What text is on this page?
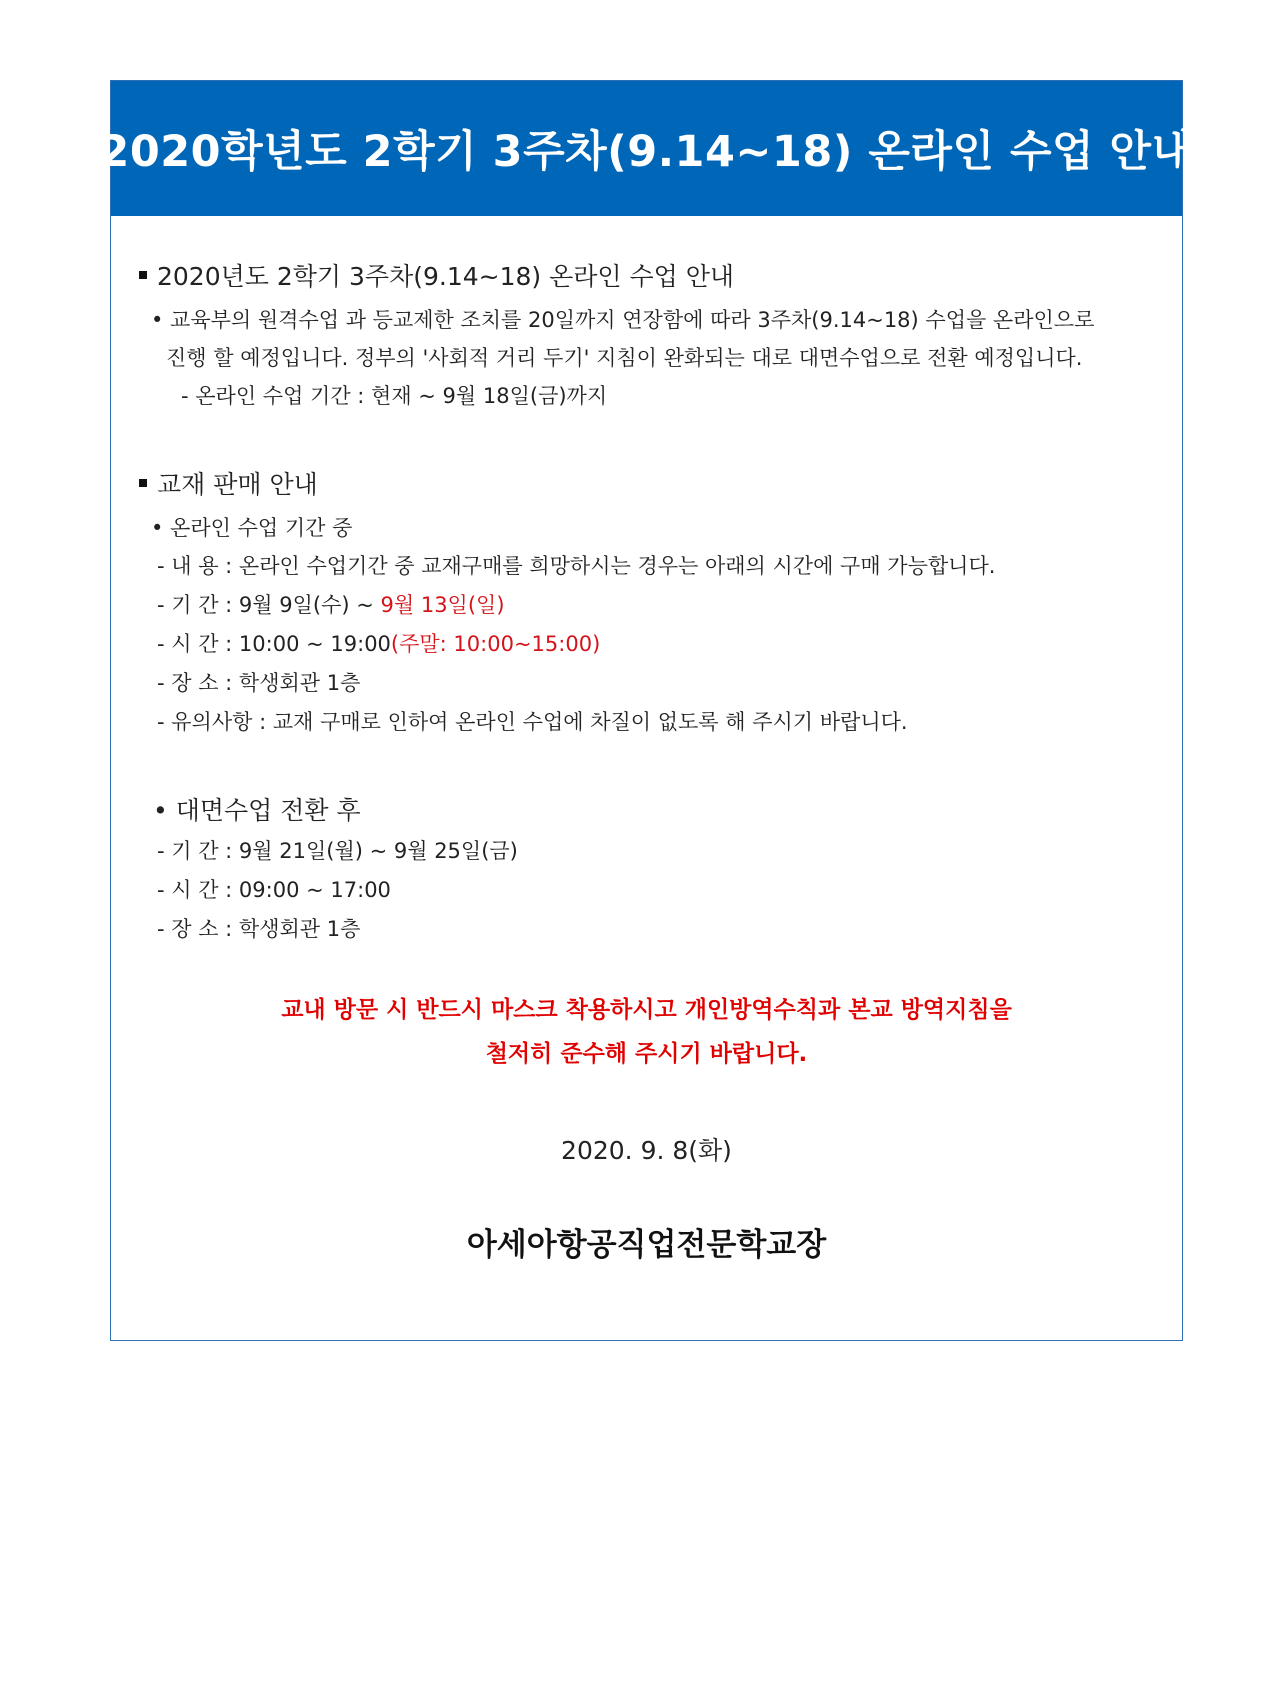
2020학년도 2학기 3주차(9.14~18) 온라인 수업 안내
2020년도 2학기 3주차(9.14~18) 온라인 수업 안내
• 교육부의 원격수업 과 등교제한 조치를 20일까지 연장함에 따라 3주차(9.14~18) 수업을 온라인으로
진행 할 예정입니다. 정부의 '사회적 거리 두기' 지침이 완화되는 대로 대면수업으로 전환 예정입니다.
- 온라인 수업 기간 : 현재 ~ 9월 18일(금)까지
교재 판매 안내
• 온라인 수업 기간 중
- 내 용 : 온라인 수업기간 중 교재구매를 희망하시는 경우는 아래의 시간에 구매 가능합니다.
- 기 간 : 9월 9일(수) ~ 9월 13일(일)
- 시 간 : 10:00 ~ 19:00(주말: 10:00~15:00)
- 장 소 : 학생회관 1층
- 유의사항 : 교재 구매로 인하여 온라인 수업에 차질이 없도록 해 주시기 바랍니다.
• 대면수업 전환 후
- 기 간 : 9월 21일(월) ~ 9월 25일(금)
- 시 간 : 09:00 ~ 17:00
- 장 소 : 학생회관 1층
교내 방문 시 반드시 마스크 착용하시고 개인방역수칙과 본교 방역지침을
철저히 준수해 주시기 바랍니다.
2020. 9. 8(화)
아세아항공직업전문학교장
